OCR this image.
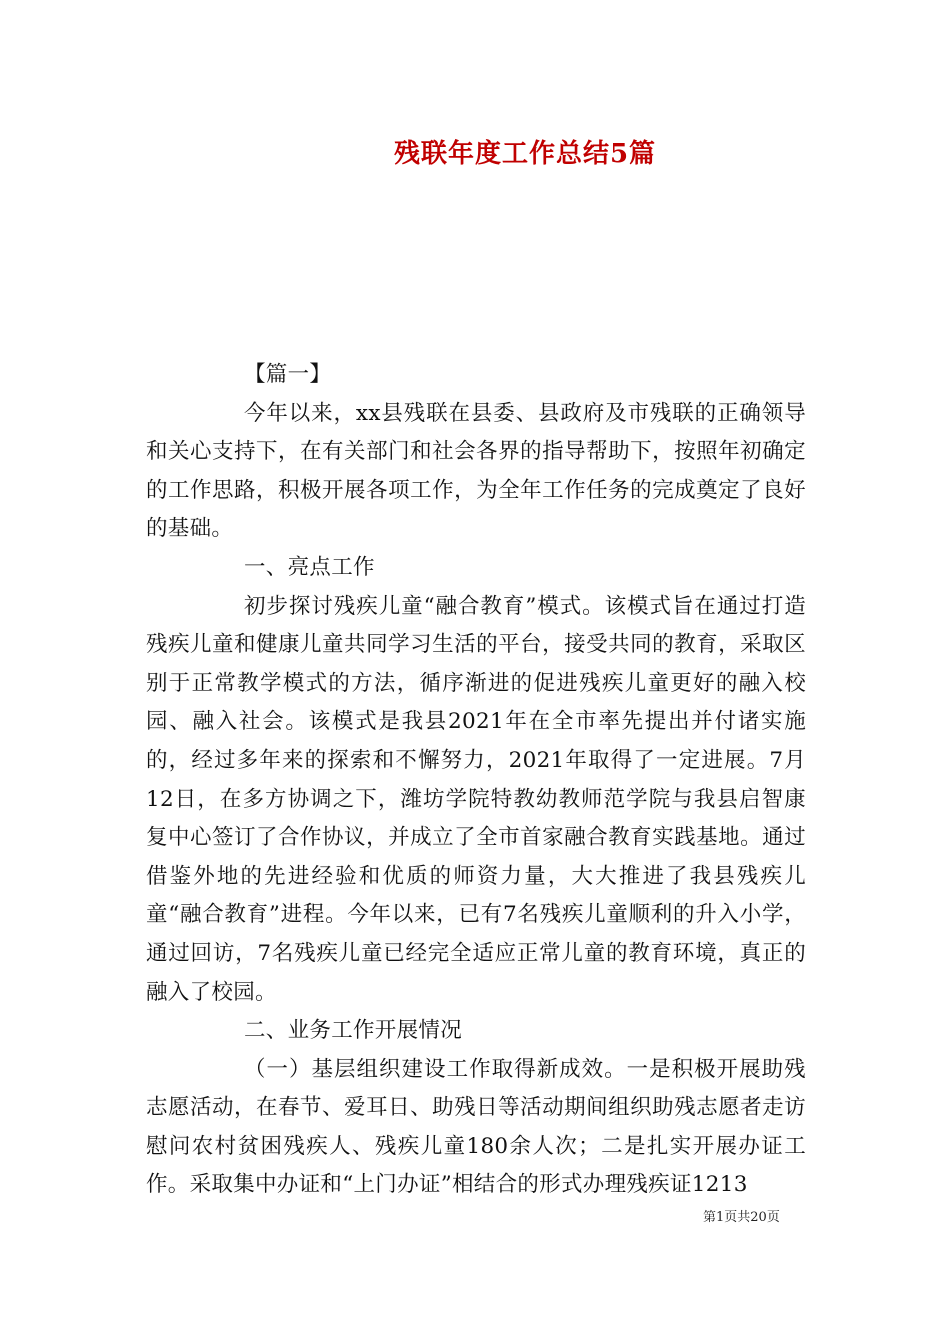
残联年度工作总结5篇

【篇一】

今年以来，xx县残联在县委、县政府及市残联的正确领导和关心支持下，在有关部门和社会各界的指导帮助下，按照年初确定的工作思路，积极开展各项工作，为全年工作任务的完成奠定了良好的基础。

一、亮点工作

初步探讨残疾儿童“融合教育”模式。该模式旨在通过打造残疾儿童和健康儿童共同学习生活的平台，接受共同的教育，采取区别于正常教学模式的方法，循序渐进的促进残疾儿童更好的融入校园、融入社会。该模式是我县2021年在全市率先提出并付诸实施的，经过多年来的探索和不懈努力，2021年取得了一定进展。7月12日，在多方协调之下，潍坊学院特教幼教师范学院与我县启智康复中心签订了合作协议，并成立了全市首家融合教育实践基地。通过借鉴外地的先进经验和优质的师资力量，大大推进了我县残疾儿童“融合教育”进程。今年以来，已有7名残疾儿童顺利的升入小学，通过回访，7名残疾儿童已经完全适应正常儿童的教育环境，真正的融入了校园。

二、业务工作开展情况

（一）基层组织建设工作取得新成效。一是积极开展助残志愿活动，在春节、爱耳日、助残日等活动期间组织助残志愿者走访慰问农村贫困残疾人、残疾儿童180余人次；二是扎实开展办证工作。采取集中办证和“上门办证”相结合的形式办理残疾证1213

第1页共20页
